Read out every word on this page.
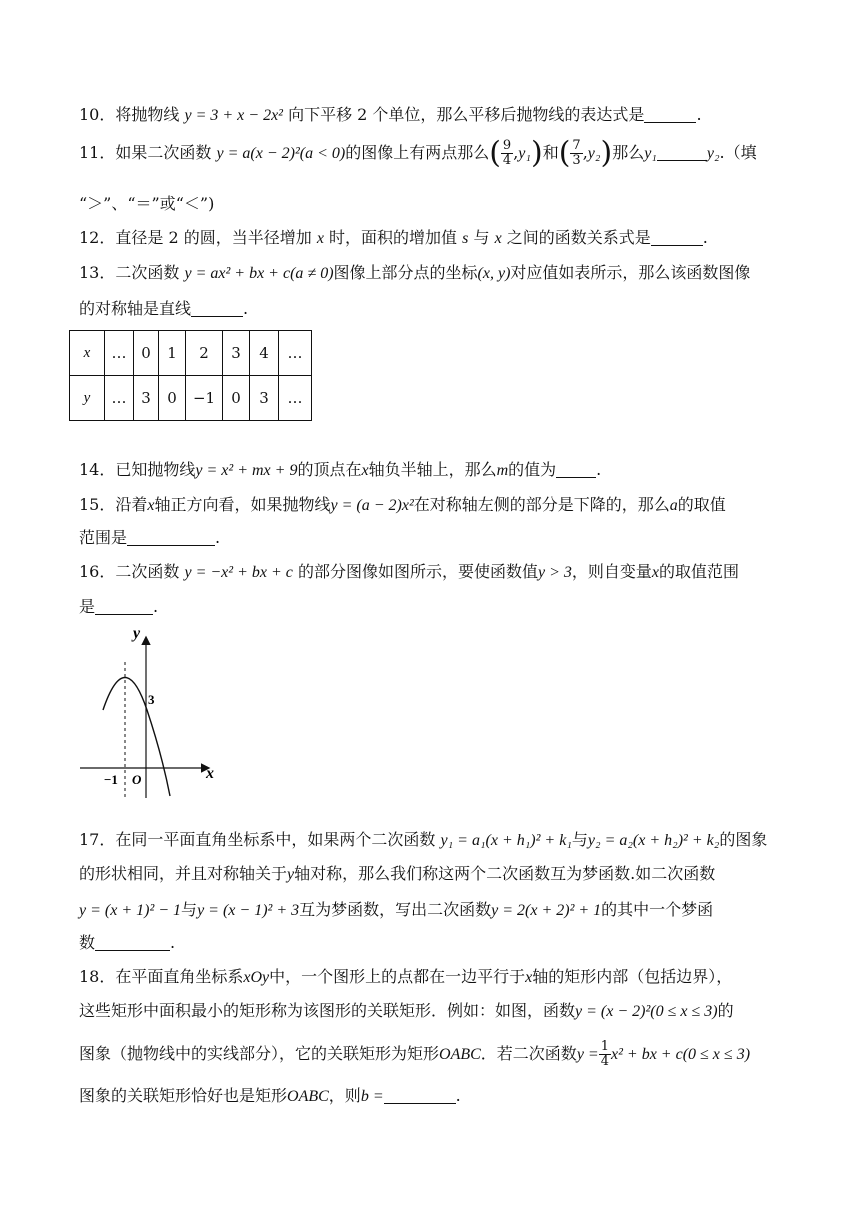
10．将抛物线 y = 3 + x − 2x² 向下平移 2 个单位，那么平移后抛物线的表达式是	.
11．如果二次函数 y = a(x − 2)²(a < 0)的图像上有两点那么( $\frac{9}{4} ,y_1$)和( $\frac{7}{3} ,y_2$)那么y₁	y₂.（填
“＞”、“＝”或“＜”)
12．直径是 2 的圆，当半径增加 x 时，面积的增加值 s 与 x 之间的函数关系式是	.
13．二次函数 y = ax² + bx + c(a ≠ 0)图像上部分点的坐标(x, y)对应值如表所示，那么该函数图像
的对称轴是直线	.
x	…	0	1	2	3	4	…
y	…	3	0	−1	0	3	…
14．已知抛物线y = x² + mx + 9的顶点在x轴负半轴上，那么m的值为	.
15．沿着x轴正方向看，如果抛物线y = (a − 2)x²在对称轴左侧的部分是下降的，那么a的取值
范围是	.
16．二次函数 y = −x² + bx + c 的部分图像如图所示，要使函数值y > 3，则自变量x的取值范围
是	.
y
x
O
−1
3
17．在同一平面直角坐标系中，如果两个二次函数 y₁ = a₁(x + h₁)² + k₁与y₂ = a₂(x + h₂)² + k₂的图象
的形状相同，并且对称轴关于y轴对称，那么我们称这两个二次函数互为梦函数.如二次函数
y = (x + 1)² − 1与y = (x − 1)² + 3互为梦函数，写出二次函数y = 2(x + 2)² + 1的其中一个梦函
数	.
18．在平面直角坐标系xOy中，一个图形上的点都在一边平行于x轴的矩形内部（包括边界），
这些矩形中面积最小的矩形称为该图形的关联矩形．例如：如图，函数y = (x − 2)²(0 ≤ x ≤ 3)的
图象（抛物线中的实线部分），它的关联矩形为矩形OABC．若二次函数$y = \frac{1}{4} x^2$ + bx + c(0 ≤ x ≤ 3)
图象的关联矩形恰好也是矩形OABC，则b =	.
